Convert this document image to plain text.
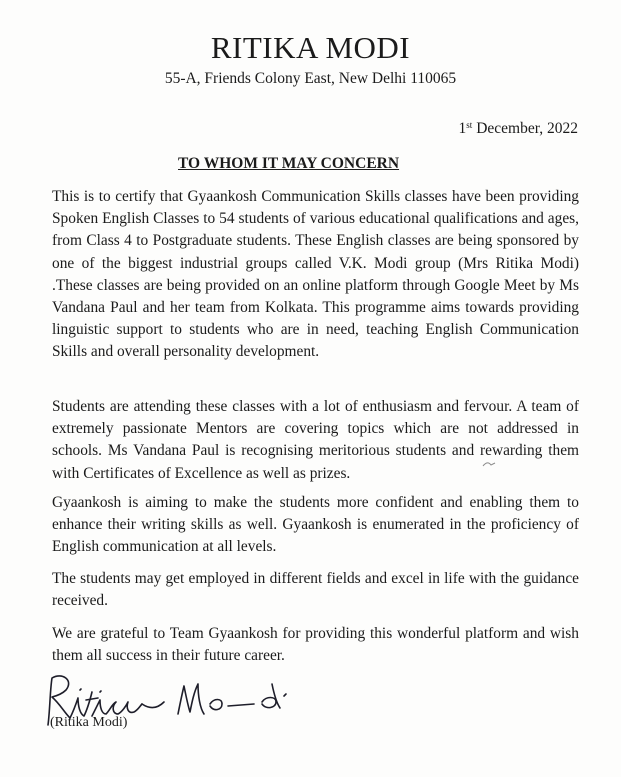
RITIKA MODI
55-A, Friends Colony East, New Delhi 110065
1st December, 2022
TO WHOM IT MAY CONCERN

This is to certify that Gyaankosh Communication Skills classes have been providing Spoken English Classes to 54 students of various educational qualifications and ages, from Class 4 to Postgraduate students. These English classes are being sponsored by one of the biggest industrial groups called V.K. Modi group (Mrs Ritika Modi) .These classes are being provided on an online platform through Google Meet by Ms Vandana Paul and her team from Kolkata. This programme aims towards providing linguistic support to students who are in need, teaching English Communication Skills and overall personality development.

Students are attending these classes with a lot of enthusiasm and fervour. A team of extremely passionate Mentors are covering topics which are not addressed in schools. Ms Vandana Paul is recognising meritorious students and rewarding them with Certificates of Excellence as well as prizes.

Gyaankosh is aiming to make the students more confident and enabling them to enhance their writing skills as well. Gyaankosh is enumerated in the proficiency of English communication at all levels.

The students may get employed in different fields and excel in life with the guidance received.

We are grateful to Team Gyaankosh for providing this wonderful platform and wish them all success in their future career.

(Ritika Modi)
